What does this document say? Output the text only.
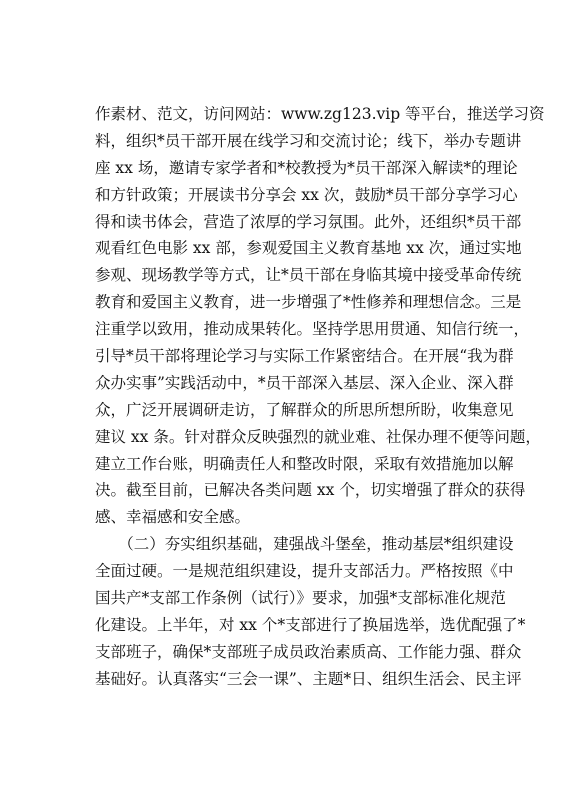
作素材、范文，访问网站：www.zg123.vip 等平台，推送学习资
料，组织*员干部开展在线学习和交流讨论；线下，举办专题讲
座 xx 场，邀请专家学者和*校教授为*员干部深入解读*的理论
和方针政策；开展读书分享会 xx 次，鼓励*员干部分享学习心
得和读书体会，营造了浓厚的学习氛围。此外，还组织*员干部
观看红色电影 xx 部，参观爱国主义教育基地 xx 次，通过实地
参观、现场教学等方式，让*员干部在身临其境中接受革命传统
教育和爱国主义教育，进一步增强了*性修养和理想信念。三是
注重学以致用，推动成果转化。坚持学思用贯通、知信行统一，
引导*员干部将理论学习与实际工作紧密结合。在开展“我为群
众办实事”实践活动中，*员干部深入基层、深入企业、深入群
众，广泛开展调研走访，了解群众的所思所想所盼，收集意见
建议 xx 条。针对群众反映强烈的就业难、社保办理不便等问题，
建立工作台账，明确责任人和整改时限，采取有效措施加以解
决。截至目前，已解决各类问题 xx 个，切实增强了群众的获得
感、幸福感和安全感。
　　（二）夯实组织基础，建强战斗堡垒，推动基层*组织建设
全面过硬。一是规范组织建设，提升支部活力。严格按照《中
国共产*支部工作条例（试行）》要求，加强*支部标准化规范
化建设。上半年，对 xx 个*支部进行了换届选举，选优配强了*
支部班子，确保*支部班子成员政治素质高、工作能力强、群众
基础好。认真落实“三会一课”、主题*日、组织生活会、民主评
